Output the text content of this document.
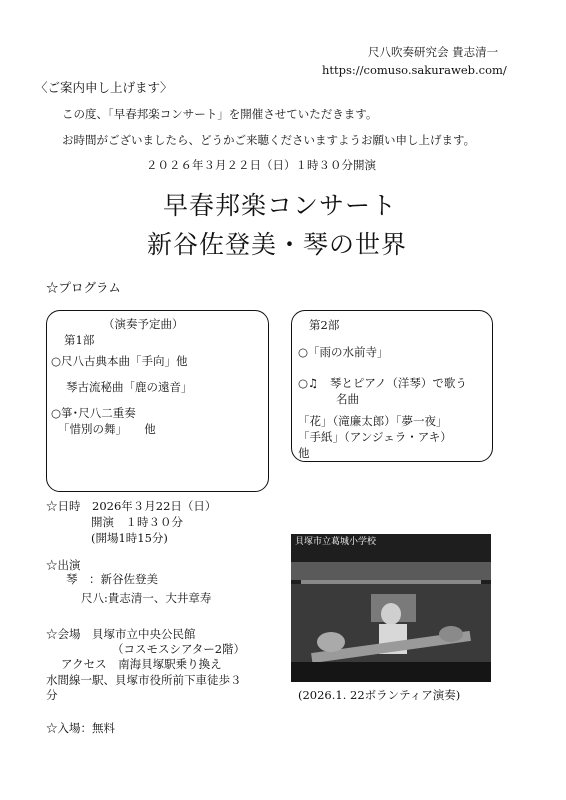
尺八吹奏研究会 貴志清一
https://comuso.sakuraweb.com/
〈ご案内申し上げます〉
この度、「早春邦楽コンサート」を開催させていただきます。
お時間がございましたら、どうかご来聴くださいますようお願い申し上げます。
２０２６年３月２２日（日）１時３０分開演
早春邦楽コンサート
新谷佐登美・琴の世界
☆プログラム
（演奏予定曲）
第1部
○尺八古典本曲「手向」他
琴古流秘曲「鹿の遠音」
○箏･尺八二重奏
「惜別の舞」　　他
第2部
○「雨の水前寺」
○♫　琴とピアノ（洋琴）で歌う
名曲
「花」（滝廉太郎）「夢一夜」
「手紙」（アンジェラ・アキ）
他
☆日時　2026年３月22日（日）
開演　１時３０分
(開場1時15分)
☆出演
琴　：新谷佐登美
尺八:貴志清一、大井章寿
☆会場　貝塚市立中央公民館
（コスモスシアター2階）
アクセス　南海貝塚駅乗り換え
水間線一駅、貝塚市役所前下車徒歩３
分
☆入場：無料
貝塚市立葛城小学校
(2026.1. 22ボランティア演奏)
